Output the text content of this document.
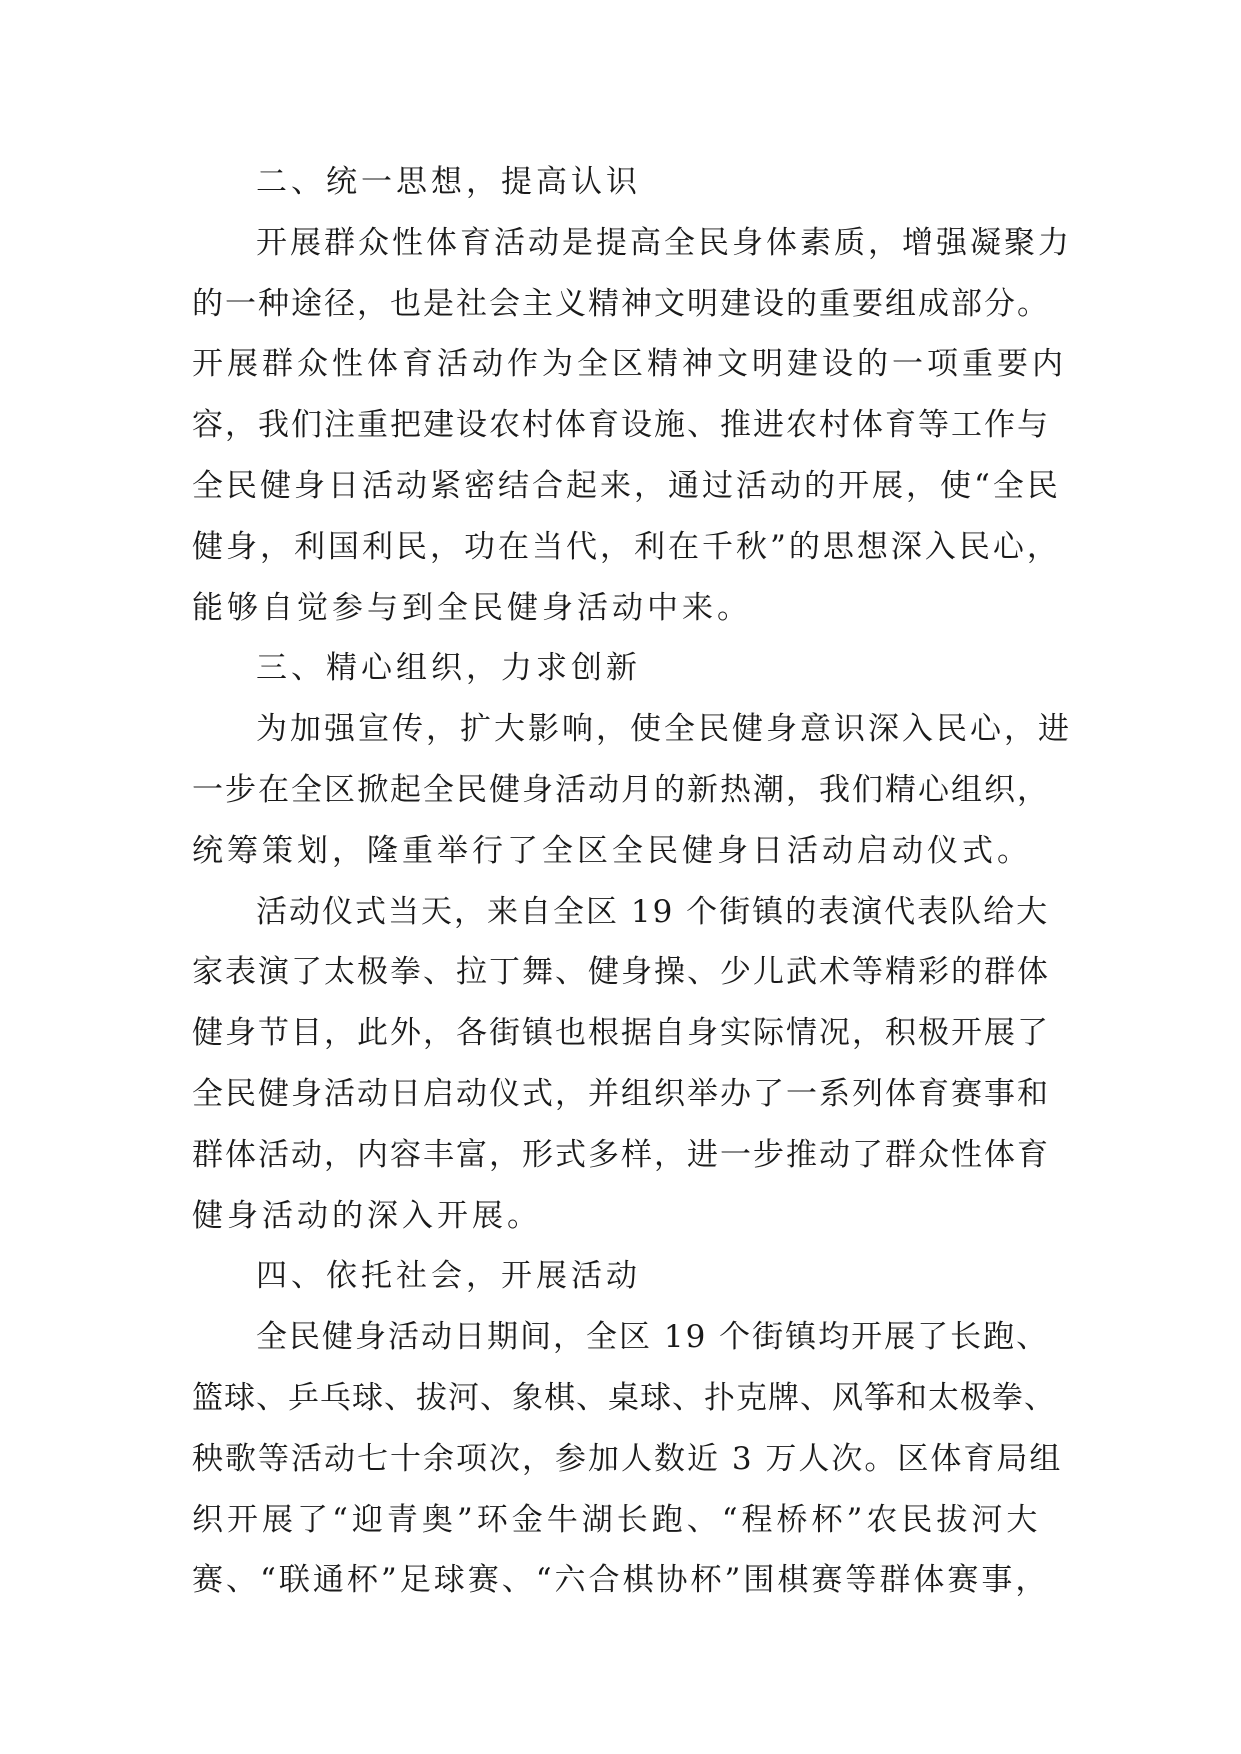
二、统一思想，提高认识
开展群众性体育活动是提高全民身体素质，增强凝聚力
的一种途径，也是社会主义精神文明建设的重要组成部分。
开展群众性体育活动作为全区精神文明建设的一项重要内
容，我们注重把建设农村体育设施、推进农村体育等工作与
全民健身日活动紧密结合起来，通过活动的开展，使“全民
健身，利国利民，功在当代，利在千秋”的思想深入民心，
能够自觉参与到全民健身活动中来。
三、精心组织，力求创新
为加强宣传，扩大影响，使全民健身意识深入民心，进
一步在全区掀起全民健身活动月的新热潮，我们精心组织，
统筹策划，隆重举行了全区全民健身日活动启动仪式。
活动仪式当天，来自全区 19 个街镇的表演代表队给大
家表演了太极拳、拉丁舞、健身操、少儿武术等精彩的群体
健身节目，此外，各街镇也根据自身实际情况，积极开展了
全民健身活动日启动仪式，并组织举办了一系列体育赛事和
群体活动，内容丰富，形式多样，进一步推动了群众性体育
健身活动的深入开展。
四、依托社会，开展活动
全民健身活动日期间，全区 19 个街镇均开展了长跑、
篮球、乒乓球、拔河、象棋、桌球、扑克牌、风筝和太极拳、
秧歌等活动七十余项次，参加人数近 3 万人次。区体育局组
织开展了“迎青奥”环金牛湖长跑、“程桥杯”农民拔河大
赛、“联通杯”足球赛、“六合棋协杯”围棋赛等群体赛事，
